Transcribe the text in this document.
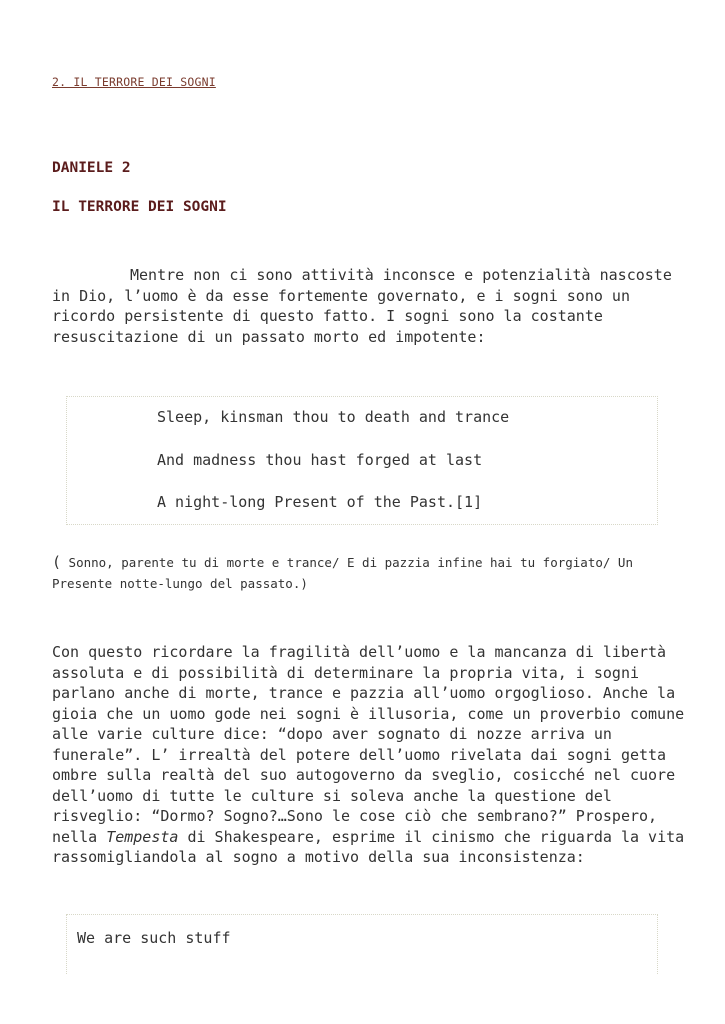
2. IL TERRORE DEI SOGNI
DANIELE 2
IL TERRORE DEI SOGNI

Mentre non ci sono attività inconsce e potenzialità nascoste in Dio, l’uomo è da esse fortemente governato, e i sogni sono un ricordo persistente di questo fatto. I sogni sono la costante resuscitazione di un passato morto ed impotente:

Sleep, kinsman thou to death and trance
And madness thou hast forged at last
A night-long Present of the Past.[1]

( Sonno, parente tu di morte e trance/ E di pazzia infine hai tu forgiato/ Un Presente notte-lungo del passato.)

Con questo ricordare la fragilità dell’uomo e la mancanza di libertà assoluta e di possibilità di determinare la propria vita, i sogni parlano anche di morte, trance e pazzia all’uomo orgoglioso. Anche la gioia che un uomo gode nei sogni è illusoria, come un proverbio comune alle varie culture dice: “dopo aver sognato di nozze arriva un funerale”. L’ irrealtà del potere dell’uomo rivelata dai sogni getta ombre sulla realtà del suo autogoverno da sveglio, cosicché nel cuore dell’uomo di tutte le culture si soleva anche la questione del risveglio: “Dormo? Sogno?…Sono le cose ciò che sembrano?” Prospero, nella Tempesta di Shakespeare, esprime il cinismo che riguarda la vita rassomigliandola al sogno a motivo della sua inconsistenza:

We are such stuff
